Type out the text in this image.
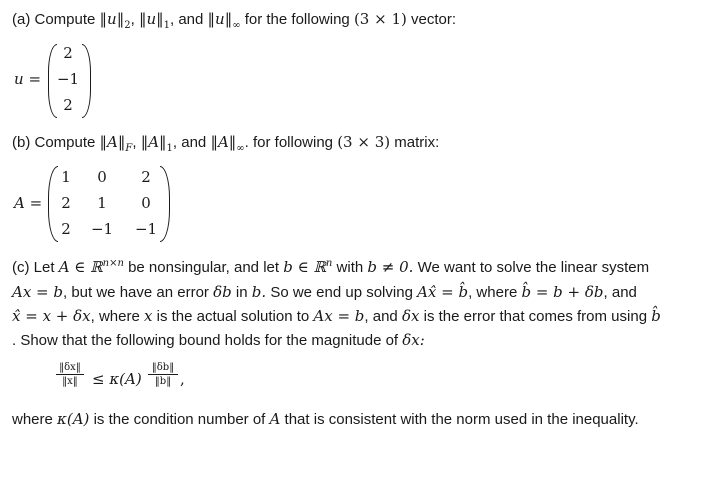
(a) Compute $‖u‖_2$, $‖u‖_1$, and $‖u‖_\infty$ for the following (3 × 1) vector:
u =
2
−1
2
(b) Compute $‖A‖_F$, $‖A‖_1$, and $‖A‖_\infty$. for following (3 × 3) matrix:
A =
1	0	2
2	1	0
2	−1	−1
(c) Let A ∈ ℝ$^{n\times n}$ be nonsingular, and let b ∈ ℝ$^n$ with b ≠ 0. We want to solve the linear system
Ax = b, but we have an error δb in b. So we end up solving Ax̂ = b̂, where b̂ = b + δb, and
x̂ = x + δx, where x is the actual solution to Ax = b, and δx is the error that comes from using b̂
. Show that the following bound holds for the magnitude of δx:
‖δx‖
‖x‖ ≤ κ(A)
‖δb‖
‖b‖ ,
where κ(A) is the condition number of A that is consistent with the norm used in the inequality.
